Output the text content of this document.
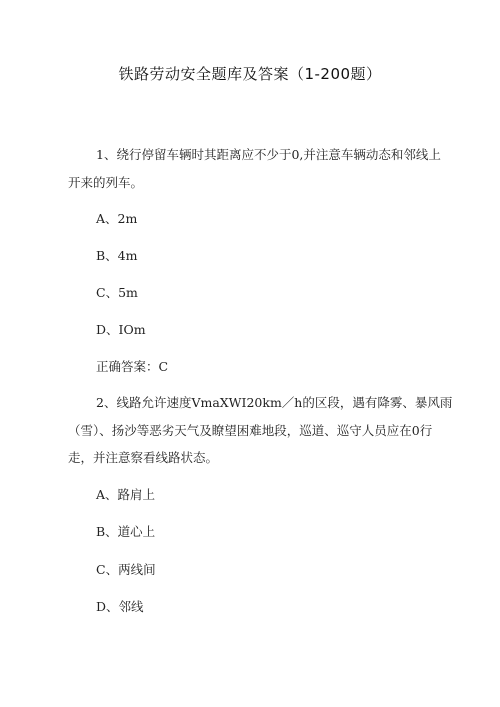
铁路劳动安全题库及答案（1-200题）
1、绕行停留车辆时其距离应不少于0,并注意车辆动态和邻线上
开来的列车。
A、2m
B、4m
C、5m
D、IOm
正确答案：C
2、线路允许速度VmaXWI20km／h的区段，遇有降雾、暴风雨
（雪）、扬沙等恶劣天气及瞭望困难地段，巡道、巡守人员应在0行
走，并注意察看线路状态。
A、路肩上
B、道心上
C、两线间
D、邻线
